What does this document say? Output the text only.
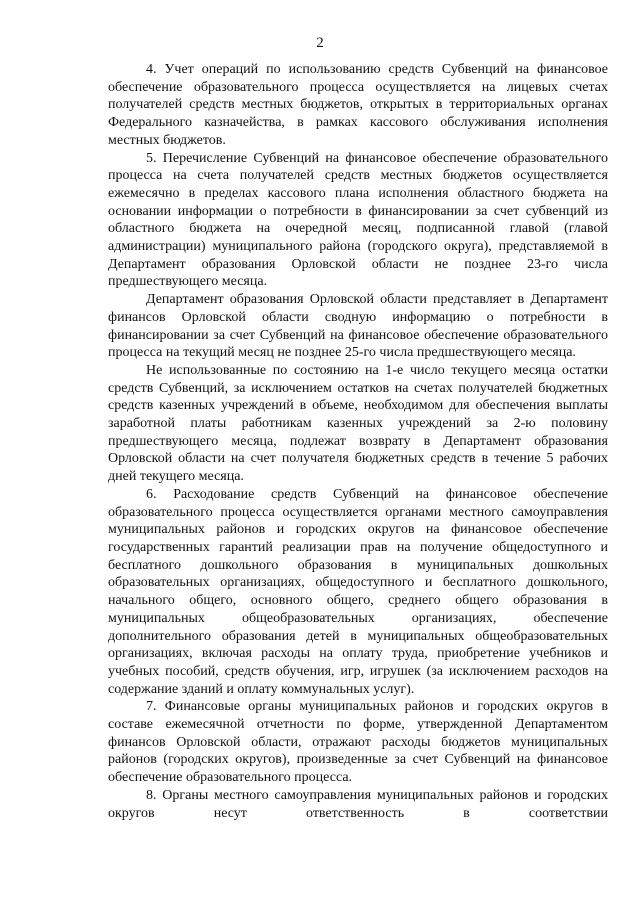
2

4. Учет операций по использованию средств Субвенций на финансовое обеспечение образовательного процесса осуществляется на лицевых счетах получателей средств местных бюджетов, открытых в территориальных органах Федерального казначейства, в рамках кассового обслуживания исполнения местных бюджетов.

5. Перечисление Субвенций на финансовое обеспечение образовательного процесса на счета получателей средств местных бюджетов осуществляется ежемесячно в пределах кассового плана исполнения областного бюджета на основании информации о потребности в финансировании за счет субвенций из областного бюджета на очередной месяц, подписанной главой (главой администрации) муниципального района (городского округа), представляемой в Департамент образования Орловской области не позднее 23-го числа предшествующего месяца.

Департамент образования Орловской области представляет в Департамент финансов Орловской области сводную информацию о потребности в финансировании за счет Субвенций на финансовое обеспечение образовательного процесса на текущий месяц не позднее 25-го числа предшествующего месяца.

Не использованные по состоянию на 1-е число текущего месяца остатки средств Субвенций, за исключением остатков на счетах получателей бюджетных средств казенных учреждений в объеме, необходимом для обеспечения выплаты заработной платы работникам казенных учреждений за 2-ю половину предшествующего месяца, подлежат возврату в Департамент образования Орловской области на счет получателя бюджетных средств в течение 5 рабочих дней текущего месяца.

6. Расходование средств Субвенций на финансовое обеспечение образовательного процесса осуществляется органами местного самоуправления муниципальных районов и городских округов на финансовое обеспечение государственных гарантий реализации прав на получение общедоступного и бесплатного дошкольного образования в муниципальных дошкольных образовательных организациях, общедоступного и бесплатного дошкольного, начального общего, основного общего, среднего общего образования в муниципальных общеобразовательных организациях, обеспечение дополнительного образования детей в муниципальных общеобразовательных организациях, включая расходы на оплату труда, приобретение учебников и учебных пособий, средств обучения, игр, игрушек (за исключением расходов на содержание зданий и оплату коммунальных услуг).

7. Финансовые органы муниципальных районов и городских округов в составе ежемесячной отчетности по форме, утвержденной Департаментом финансов Орловской области, отражают расходы бюджетов муниципальных районов (городских округов), произведенные за счет Субвенций на финансовое обеспечение образовательного процесса.

8. Органы местного самоуправления муниципальных районов и городских округов несут ответственность в соответствии
